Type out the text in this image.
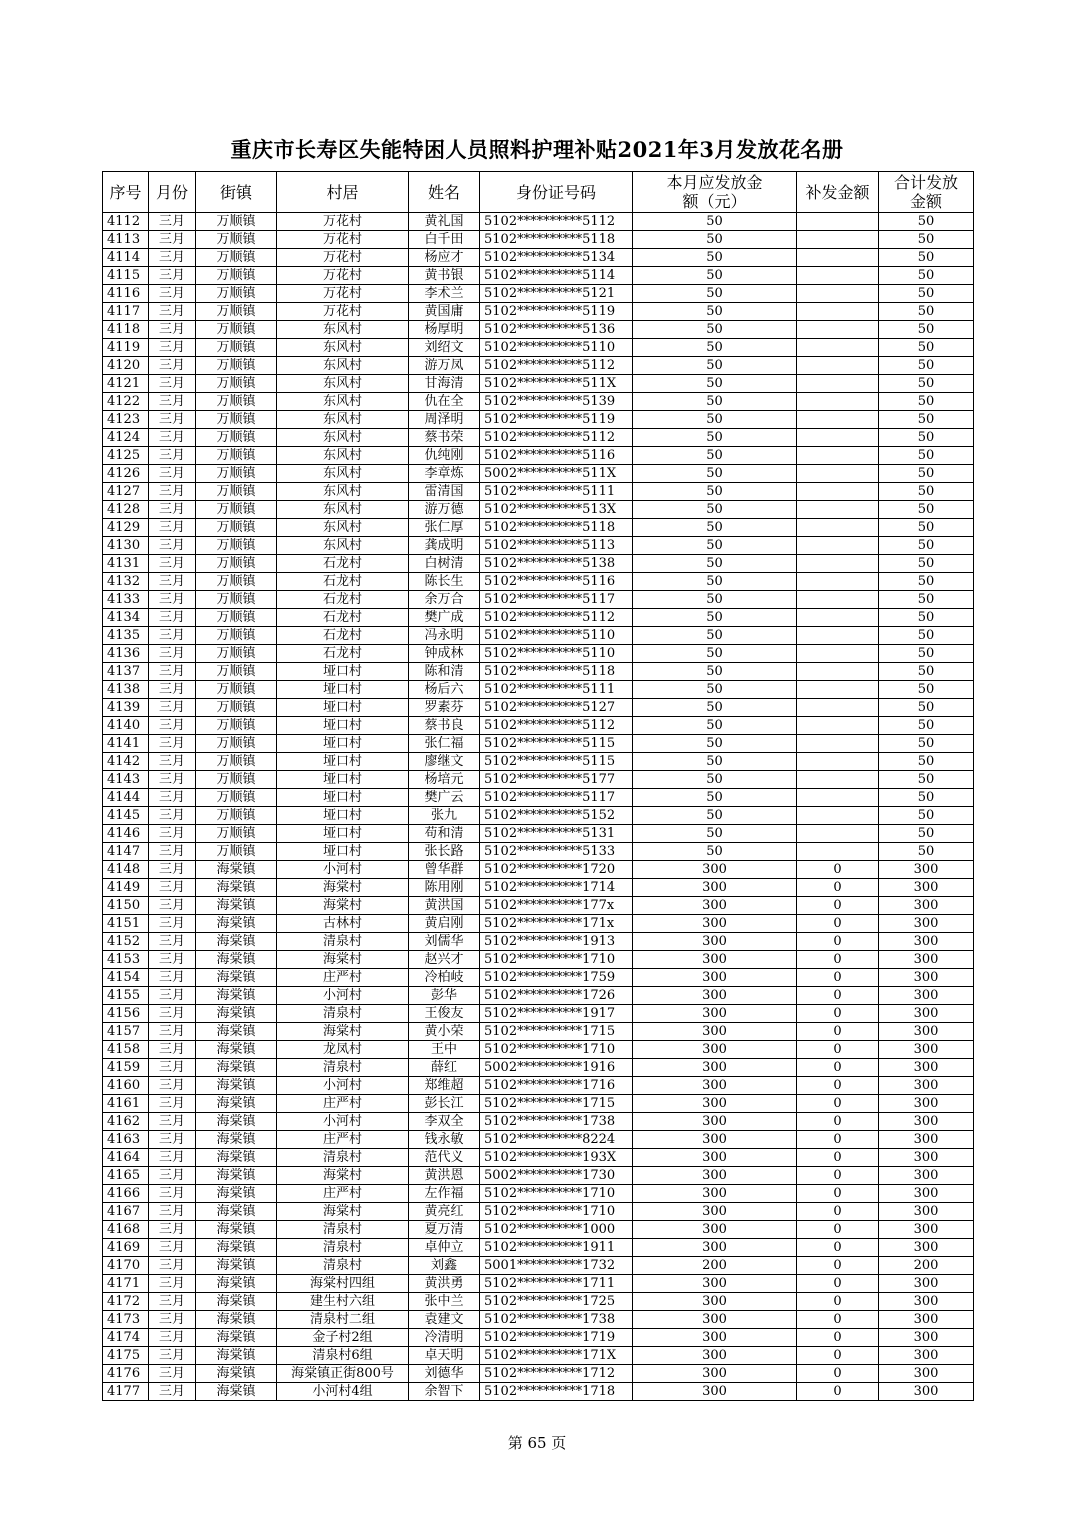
重庆市长寿区失能特困人员照料护理补贴2021年3月发放花名册
序号	月份	街镇	村居	姓名	身份证号码	本月应发放金额（元）	补发金额	合计发放金额
4112	三月	万顺镇	万花村	黄礼国	5102**********5112	50		50
4113	三月	万顺镇	万花村	白千田	5102**********5118	50		50
4114	三月	万顺镇	万花村	杨应才	5102**********5134	50		50
4115	三月	万顺镇	万花村	黄书银	5102**********5114	50		50
4116	三月	万顺镇	万花村	李术兰	5102**********5121	50		50
4117	三月	万顺镇	万花村	黄国庸	5102**********5119	50		50
4118	三月	万顺镇	东风村	杨厚明	5102**********5136	50		50
4119	三月	万顺镇	东风村	刘绍文	5102**********5110	50		50
4120	三月	万顺镇	东风村	游万凤	5102**********5112	50		50
4121	三月	万顺镇	东风村	甘海清	5102**********511X	50		50
4122	三月	万顺镇	东风村	仇在全	5102**********5139	50		50
4123	三月	万顺镇	东风村	周泽明	5102**********5119	50		50
4124	三月	万顺镇	东风村	蔡书荣	5102**********5112	50		50
4125	三月	万顺镇	东风村	仇纯刚	5102**********5116	50		50
4126	三月	万顺镇	东风村	李章炼	5002**********511X	50		50
4127	三月	万顺镇	东风村	雷清国	5102**********5111	50		50
4128	三月	万顺镇	东风村	游万德	5102**********513X	50		50
4129	三月	万顺镇	东风村	张仁厚	5102**********5118	50		50
4130	三月	万顺镇	东风村	龚成明	5102**********5113	50		50
4131	三月	万顺镇	石龙村	白树清	5102**********5138	50		50
4132	三月	万顺镇	石龙村	陈长生	5102**********5116	50		50
4133	三月	万顺镇	石龙村	余万合	5102**********5117	50		50
4134	三月	万顺镇	石龙村	樊广成	5102**********5112	50		50
4135	三月	万顺镇	石龙村	冯永明	5102**********5110	50		50
4136	三月	万顺镇	石龙村	钟成林	5102**********5110	50		50
4137	三月	万顺镇	垭口村	陈和清	5102**********5118	50		50
4138	三月	万顺镇	垭口村	杨后六	5102**********5111	50		50
4139	三月	万顺镇	垭口村	罗素芬	5102**********5127	50		50
4140	三月	万顺镇	垭口村	蔡书良	5102**********5112	50		50
4141	三月	万顺镇	垭口村	张仁福	5102**********5115	50		50
4142	三月	万顺镇	垭口村	廖继文	5102**********5115	50		50
4143	三月	万顺镇	垭口村	杨培元	5102**********5177	50		50
4144	三月	万顺镇	垭口村	樊广云	5102**********5117	50		50
4145	三月	万顺镇	垭口村	张九	5102**********5152	50		50
4146	三月	万顺镇	垭口村	苟和清	5102**********5131	50		50
4147	三月	万顺镇	垭口村	张长路	5102**********5133	50		50
4148	三月	海棠镇	小河村	曾华群	5102**********1720	300	0	300
4149	三月	海棠镇	海棠村	陈用刚	5102**********1714	300	0	300
4150	三月	海棠镇	海棠村	黄洪国	5102**********177x	300	0	300
4151	三月	海棠镇	古林村	黄启刚	5102**********171x	300	0	300
4152	三月	海棠镇	清泉村	刘儒华	5102**********1913	300	0	300
4153	三月	海棠镇	海棠村	赵兴才	5102**********1710	300	0	300
4154	三月	海棠镇	庄严村	冷柏岐	5102**********1759	300	0	300
4155	三月	海棠镇	小河村	彭华	5102**********1726	300	0	300
4156	三月	海棠镇	清泉村	王俊友	5102**********1917	300	0	300
4157	三月	海棠镇	海棠村	黄小荣	5102**********1715	300	0	300
4158	三月	海棠镇	龙凤村	王中	5102**********1710	300	0	300
4159	三月	海棠镇	清泉村	薛红	5002**********1916	300	0	300
4160	三月	海棠镇	小河村	郑维超	5102**********1716	300	0	300
4161	三月	海棠镇	庄严村	彭长江	5102**********1715	300	0	300
4162	三月	海棠镇	小河村	李双全	5102**********1738	300	0	300
4163	三月	海棠镇	庄严村	钱永敏	5102**********8224	300	0	300
4164	三月	海棠镇	清泉村	范代义	5102**********193X	300	0	300
4165	三月	海棠镇	海棠村	黄洪恩	5002**********1730	300	0	300
4166	三月	海棠镇	庄严村	左作福	5102**********1710	300	0	300
4167	三月	海棠镇	海棠村	黄亮红	5102**********1710	300	0	300
4168	三月	海棠镇	清泉村	夏万清	5102**********1000	300	0	300
4169	三月	海棠镇	清泉村	卓仲立	5102**********1911	300	0	300
4170	三月	海棠镇	清泉村	刘鑫	5001**********1732	200	0	200
4171	三月	海棠镇	海棠村四组	黄洪勇	5102**********1711	300	0	300
4172	三月	海棠镇	建生村六组	张中兰	5102**********1725	300	0	300
4173	三月	海棠镇	清泉村二组	袁建文	5102**********1738	300	0	300
4174	三月	海棠镇	金子村2组	冷清明	5102**********1719	300	0	300
4175	三月	海棠镇	清泉村6组	卓天明	5102**********171X	300	0	300
4176	三月	海棠镇	海棠镇正街800号	刘德华	5102**********1712	300	0	300
4177	三月	海棠镇	小河村4组	余智下	5102**********1718	300	0	300
第 65 页
